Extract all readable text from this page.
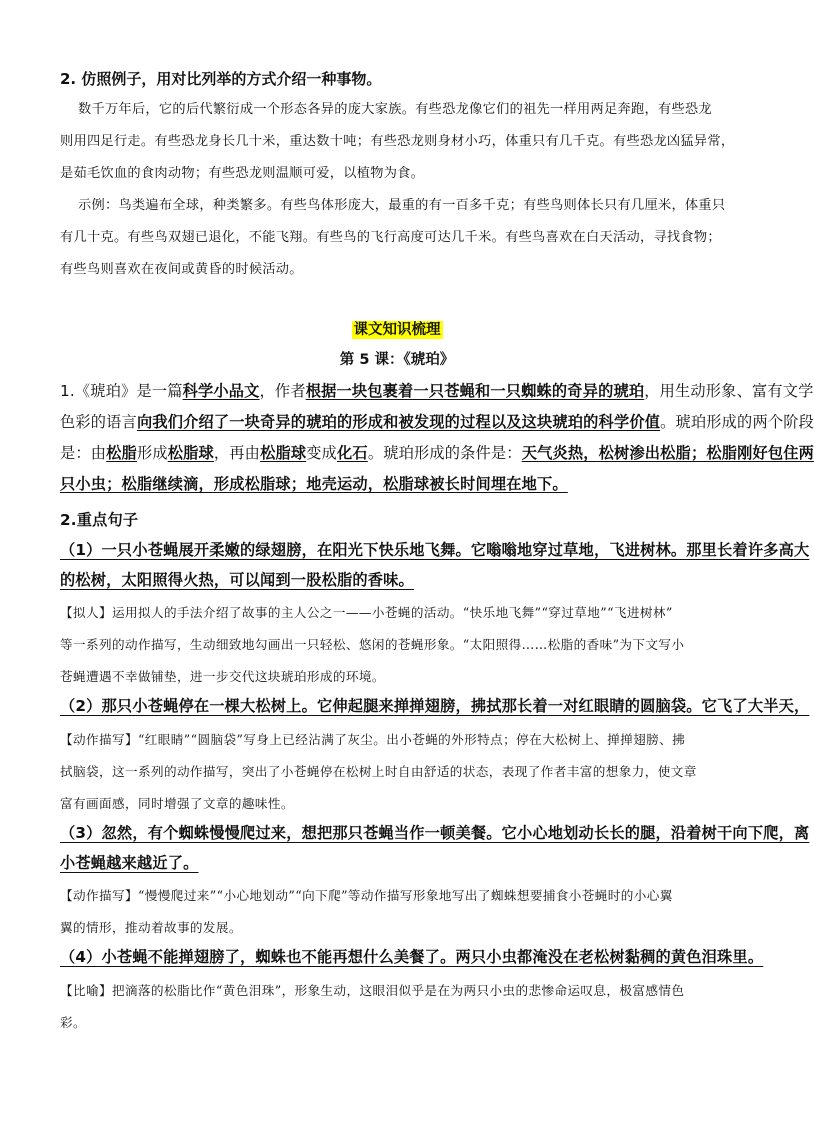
2. 仿照例子，用对比列举的方式介绍一种事物。
数千万年后，它的后代繁衍成一个形态各异的庞大家族。有些恐龙像它们的祖先一样用两足奔跑，有些恐龙
则用四足行走。有些恐龙身长几十米，重达数十吨；有些恐龙则身材小巧，体重只有几千克。有些恐龙凶猛异常，
是茹毛饮血的食肉动物；有些恐龙则温顺可爱，以植物为食。
示例：鸟类遍布全球，种类繁多。有些鸟体形庞大，最重的有一百多千克；有些鸟则体长只有几厘米，体重只
有几十克。有些鸟双翅已退化，不能飞翔。有些鸟的飞行高度可达几千米。有些鸟喜欢在白天活动，寻找食物；
有些鸟则喜欢在夜间或黄昏的时候活动。
课文知识梳理
第 5 课：《琥珀》
1.《琥珀》是一篇科学小品文，作者根据一块包裹着一只苍蝇和一只蜘蛛的奇异的琥珀，用生动形象、富有文学
色彩的语言向我们介绍了一块奇异的琥珀的形成和被发现的过程以及这块琥珀的科学价值。琥珀形成的两个阶段
是：由松脂形成松脂球，再由松脂球变成化石。琥珀形成的条件是：天气炎热，松树渗出松脂；松脂刚好包住两
只小虫；松脂继续滴，形成松脂球；地壳运动，松脂球被长时间埋在地下。
2.重点句子
（1）一只小苍蝇展开柔嫩的绿翅膀，在阳光下快乐地飞舞。它嗡嗡地穿过草地，飞进树林。那里长着许多高大
的松树，太阳照得火热，可以闻到一股松脂的香味。
【拟人】运用拟人的手法介绍了故事的主人公之一——小苍蝇的活动。“快乐地飞舞”“穿过草地”“飞进树林”
等一系列的动作描写，生动细致地勾画出一只轻松、悠闲的苍蝇形象。“太阳照得……松脂的香味”为下文写小
苍蝇遭遇不幸做铺垫，进一步交代这块琥珀形成的环境。
（2）那只小苍蝇停在一棵大松树上。它伸起腿来掸掸翅膀，拂拭那长着一对红眼睛的圆脑袋。它飞了大半天，
【动作描写】“红眼睛”“圆脑袋”写身上已经沾满了灰尘。出小苍蝇的外形特点；停在大松树上、掸掸翅膀、拂
拭脑袋，这一系列的动作描写，突出了小苍蝇停在松树上时自由舒适的状态，表现了作者丰富的想象力，使文章
富有画面感，同时增强了文章的趣味性。
（3）忽然，有个蜘蛛慢慢爬过来，想把那只苍蝇当作一顿美餐。它小心地划动长长的腿，沿着树干向下爬，离
小苍蝇越来越近了。
【动作描写】“慢慢爬过来”“小心地划动”“向下爬”等动作描写形象地写出了蜘蛛想要捕食小苍蝇时的小心翼
翼的情形，推动着故事的发展。
（4）小苍蝇不能掸翅膀了，蜘蛛也不能再想什么美餐了。两只小虫都淹没在老松树黏稠的黄色泪珠里。
【比喻】把滴落的松脂比作“黄色泪珠”，形象生动，这眼泪似乎是在为两只小虫的悲惨命运叹息，极富感情色
彩。
